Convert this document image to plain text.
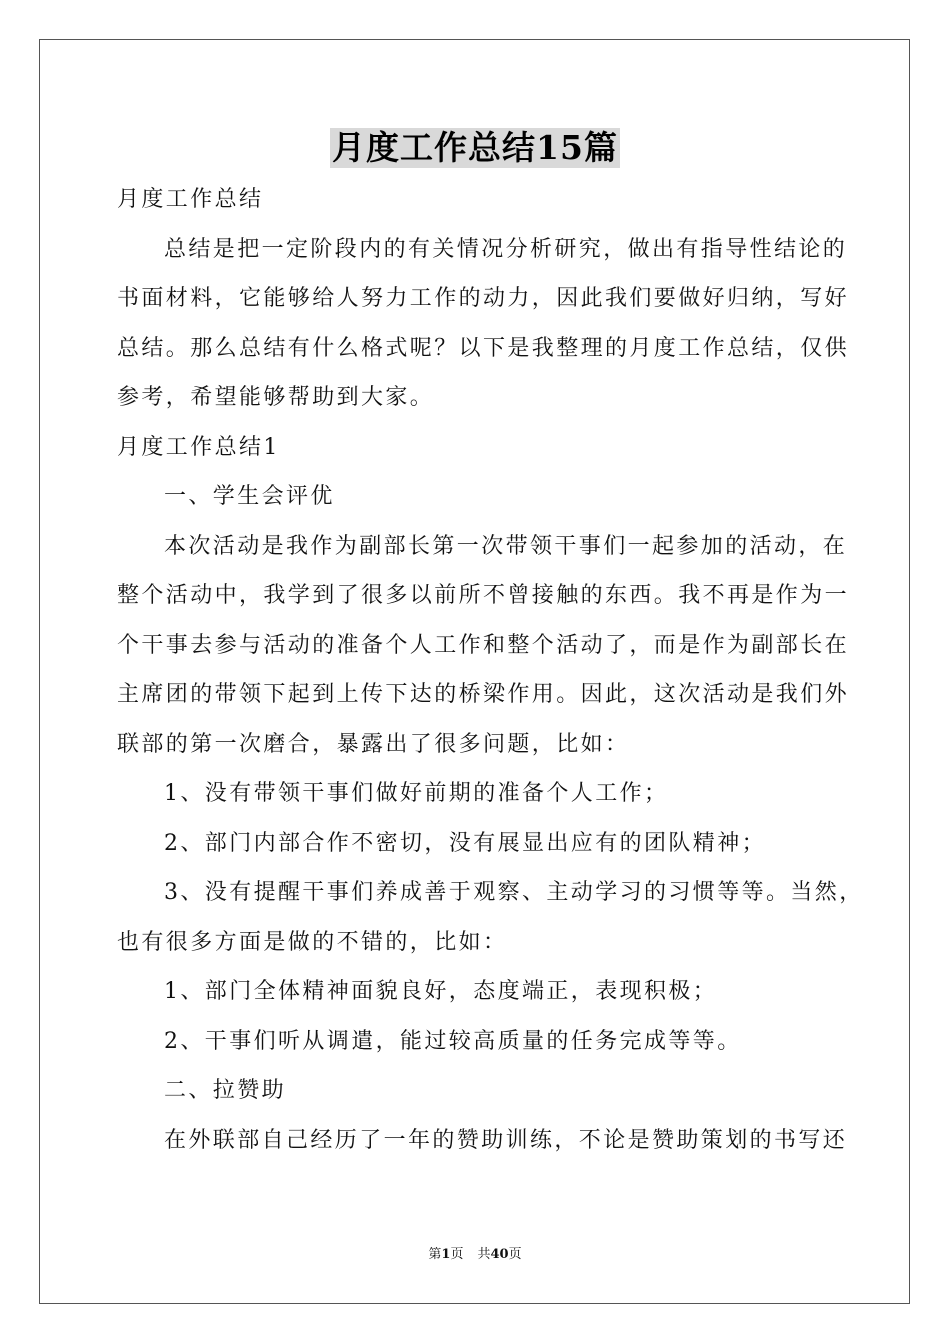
月度工作总结15篇
月度工作总结
总结是把一定阶段内的有关情况分析研究，做出有指导性结论的
书面材料，它能够给人努力工作的动力，因此我们要做好归纳，写好
总结。那么总结有什么格式呢？以下是我整理的月度工作总结，仅供
参考，希望能够帮助到大家。
月度工作总结1
一、学生会评优
本次活动是我作为副部长第一次带领干事们一起参加的活动，在
整个活动中，我学到了很多以前所不曾接触的东西。我不再是作为一
个干事去参与活动的准备个人工作和整个活动了，而是作为副部长在
主席团的带领下起到上传下达的桥梁作用。因此，这次活动是我们外
联部的第一次磨合，暴露出了很多问题，比如：
1、没有带领干事们做好前期的准备个人工作；
2、部门内部合作不密切，没有展显出应有的团队精神；
3、没有提醒干事们养成善于观察、主动学习的习惯等等。当然，
也有很多方面是做的不错的，比如：
1、部门全体精神面貌良好，态度端正，表现积极；
2、干事们听从调遣，能过较高质量的任务完成等等。
二、拉赞助
在外联部自己经历了一年的赞助训练，不论是赞助策划的书写还
第1页 共40页
